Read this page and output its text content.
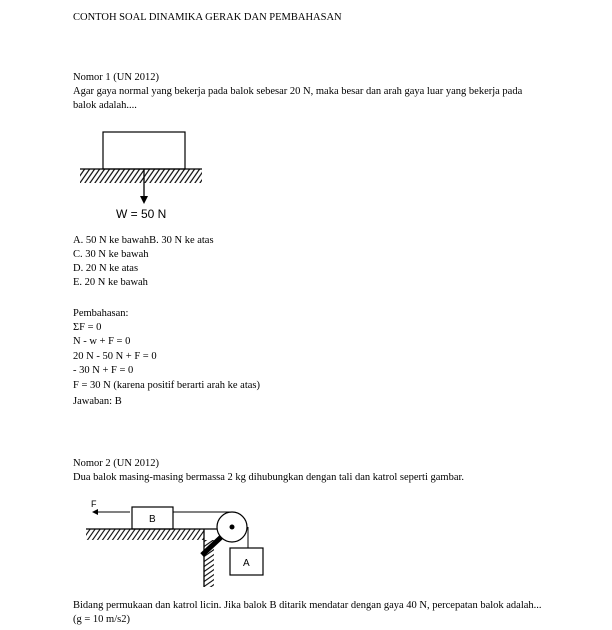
CONTOH SOAL DINAMIKA GERAK DAN PEMBAHASAN
Nomor 1 (UN 2012)
Agar gaya normal yang bekerja pada balok sebesar 20 N, maka besar dan arah gaya luar yang bekerja pada balok adalah....
W = 50 N
A. 50 N ke bawahB. 30 N ke atas
C. 30 N ke bawah
D. 20 N ke atas
E. 20 N ke bawah
Pembahasan:
ΣF = 0
N - w + F = 0
20 N - 50 N + F = 0
- 30 N + F = 0
F = 30 N (karena positif berarti arah ke atas)
Jawaban: B
Nomor 2 (UN 2012)
Dua balok masing-masing bermassa 2 kg dihubungkan dengan tali dan katrol seperti gambar.
B
F
A
Bidang permukaan dan katrol licin. Jika balok B ditarik mendatar dengan gaya 40 N, percepatan balok adalah...(g = 10 m/s2)
